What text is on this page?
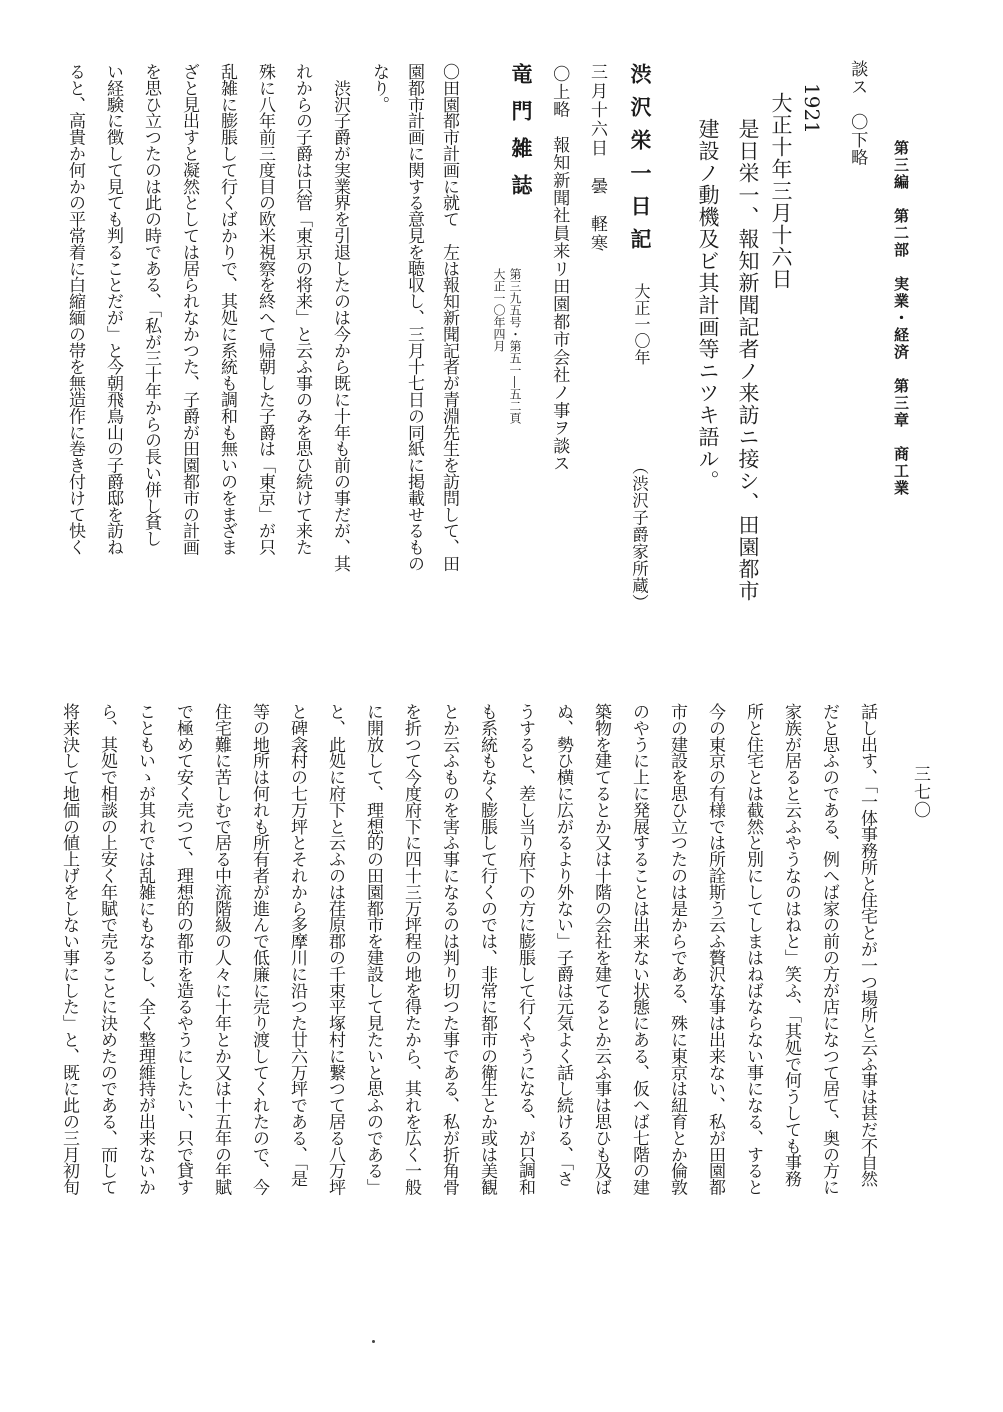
第三編　第二部　実業・経済　第三章　商工業
三七〇
談ス　〇下略
1921
大正十年三月十六日
是日栄一、報知新聞記者ノ来訪ニ接シ、田園都市
建設ノ動機及ビ其計画等ニツキ語ル。
渋沢栄一日記
大正一〇年
（渋沢子爵家所蔵）
三月十六日　曇　軽寒
〇上略　報知新聞社員来リ田園都市会社ノ事ヲ談ス
竜門雑誌
第三九五号・第五一―五二頁
大正一〇年四月
〇田園都市計画に就て　左は報知新聞記者が青淵先生を訪問して、田
園都市計画に関する意見を聴収し、三月十七日の同紙に掲載せるもの
なり。
　渋沢子爵が実業界を引退したのは今から既に十年も前の事だが、其
れからの子爵は只管「東京の将来」と云ふ事のみを思ひ続けて来た
殊に八年前三度目の欧米視察を終へて帰朝した子爵は「東京」が只
乱雑に膨脹して行くばかりで、其処に系統も調和も無いのをまざま
ざと見出すと凝然としては居られなかつた、子爵が田園都市の計画
を思ひ立つたのは此の時である、「私が三十年からの長い併し貧し
い経験に徴して見ても判ることだが」と今朝飛鳥山の子爵邸を訪ね
ると、高貴か何かの平常着に白縮緬の帯を無造作に巻き付けて快く
話し出す、「一体事務所と住宅とが一つ場所と云ふ事は甚だ不自然
だと思ふのである、例へば家の前の方が店になつて居て、奥の方に
家族が居ると云ふやうなのはねと」笑ふ、「其処で何うしても事務
所と住宅とは截然と別にしてしまはねばならない事になる、すると
今の東京の有様では所詮斯う云ふ贅沢な事は出来ない、私が田園都
市の建設を思ひ立つたのは是からである、殊に東京は紐育とか倫敦
のやうに上に発展することは出来ない状態にある、仮へば七階の建
築物を建てるとか又は十階の会社を建てるとか云ふ事は思ひも及ば
ぬ、勢ひ横に広がるより外ない」子爵は元気よく話し続ける、「さ
うすると、差し当り府下の方に膨脹して行くやうになる、が只調和
も系統もなく膨脹して行くのでは、非常に都市の衛生とか或は美観
とか云ふものを害ふ事になるのは判り切つた事である、私が折角骨
を折つて今度府下に四十三万坪程の地を得たから、其れを広く一般
に開放して、理想的の田園都市を建設して見たいと思ふのである」
と、此処に府下と云ふのは荏原郡の千束平塚村に繋つて居る八万坪
と碑衾村の七万坪とそれから多摩川に沿つた廿六万坪である、「是
等の地所は何れも所有者が進んで低廉に売り渡してくれたので、今
住宅難に苦しむで居る中流階級の人々に十年とか又は十五年の年賦
で極めて安く売つて、理想的の都市を造るやうにしたい、只で貸す
こともいゝが其れでは乱雑にもなるし、全く整理維持が出来ないか
ら、其処で相談の上安く年賦で売ることに決めたのである、而して
将来決して地価の値上げをしない事にした」と、既に此の三月初旬
